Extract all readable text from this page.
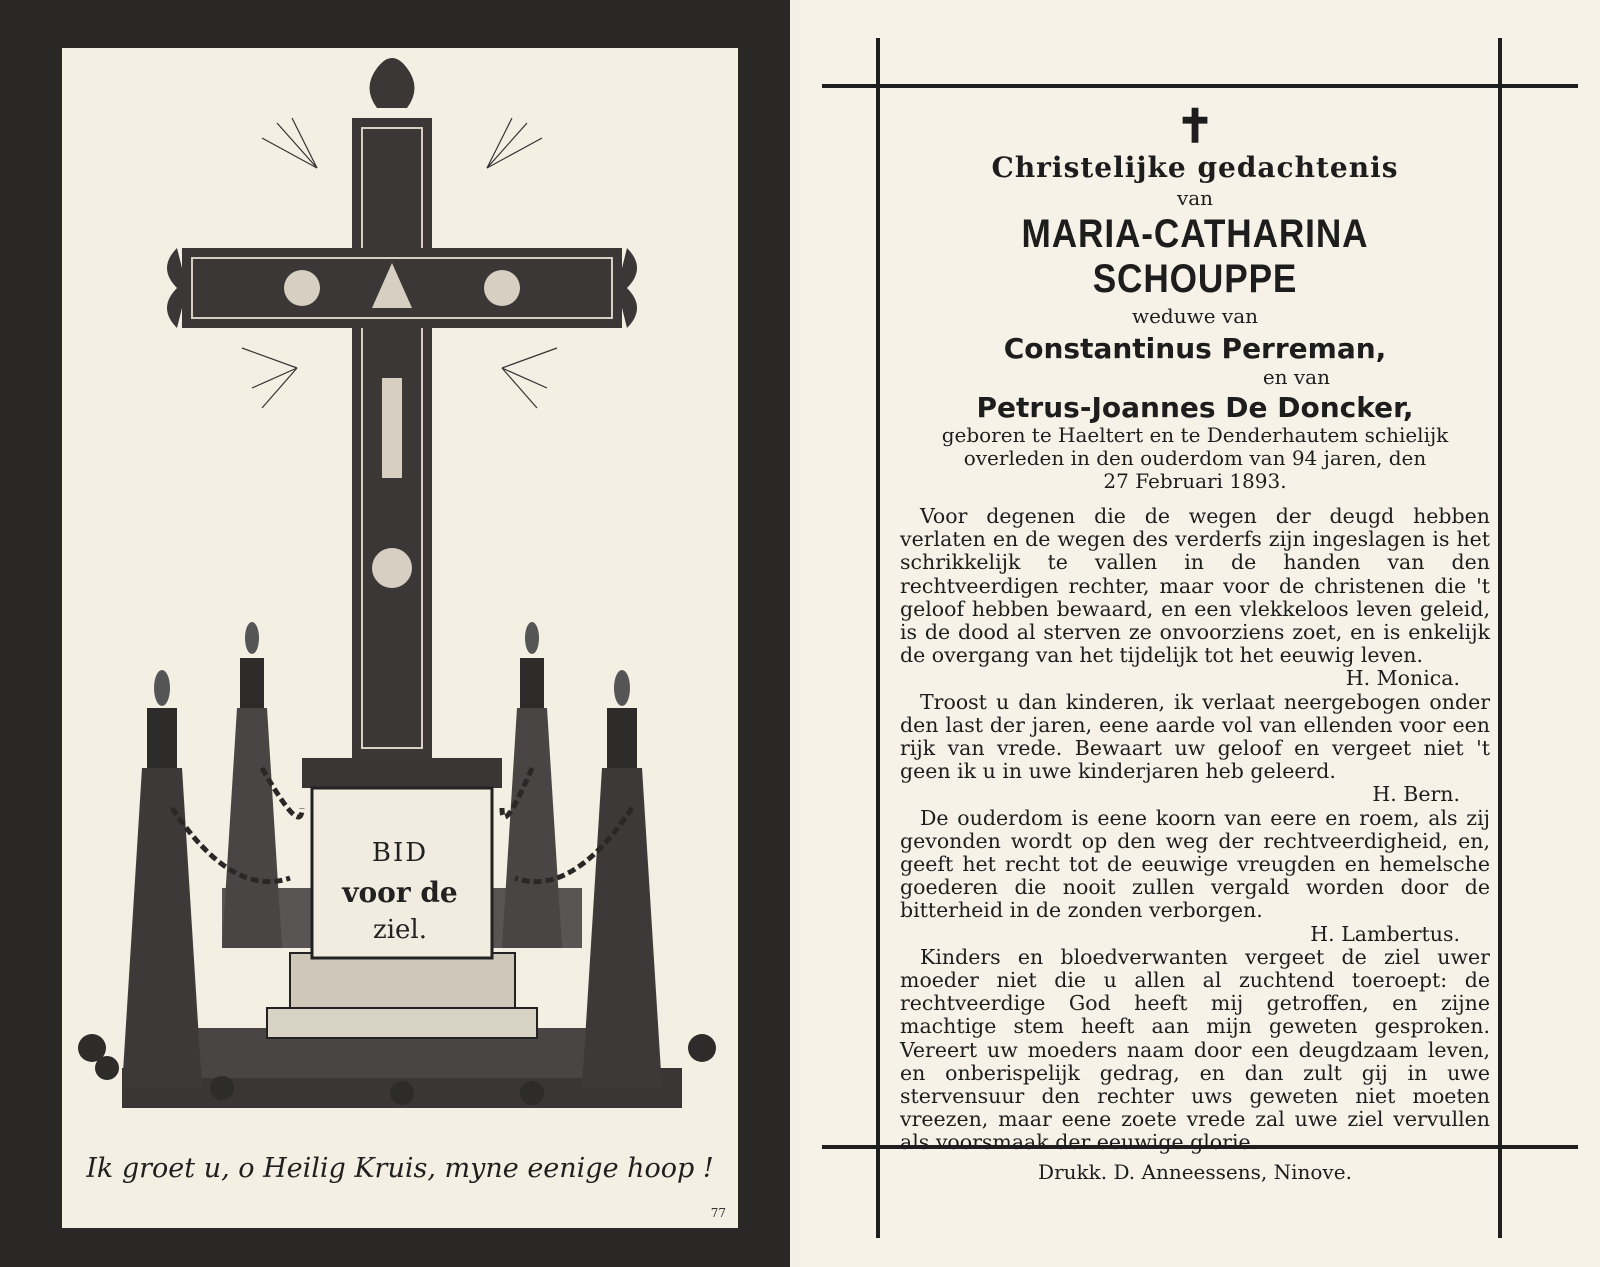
BID
voor de
ziel.
Ik groet u, o Heilig Kruis, myne eenige hoop !
77
✝
Christelijke gedachtenis
van
MARIA-CATHARINA SCHOUPPE
weduwe van
Constantinus Perreman,
en van
Petrus-Joannes De Doncker,
geboren te Haeltert en te Denderhautem schielijk
overleden in den ouderdom van 94 jaren, den
27 Februari 1893.

Voor degenen die de wegen der deugd hebben verlaten en de wegen des verderfs zijn ingeslagen is het schrikkelijk te vallen in de handen van den rechtveerdigen rechter, maar voor de christenen die 't geloof hebben bewaard, en een vlekkeloos leven geleid, is de dood al sterven ze onvoorziens zoet, en is enkelijk de overgang van het tijdelijk tot het eeuwig leven.
H. Monica.

Troost u dan kinderen, ik verlaat neergebogen onder den last der jaren, eene aarde vol van ellenden voor een rijk van vrede. Bewaart uw geloof en vergeet niet 't geen ik u in uwe kinderjaren heb geleerd.
H. Bern.

De ouderdom is eene koorn van eere en roem, als zij gevonden wordt op den weg der rechtveerdigheid, en, geeft het recht tot de eeuwige vreugden en hemelsche goederen die nooit zullen vergald worden door de bitterheid in de zonden verborgen.
H. Lambertus.

Kinders en bloedverwanten vergeet de ziel uwer moeder niet die u allen al zuchtend toeroept: de rechtveerdige God heeft mij getroffen, en zijne machtige stem heeft aan mijn geweten gesproken. Vereert uw moeders naam door een deugdzaam leven, en onberispelijk gedrag, en dan zult gij in uwe stervensuur den rechter uws geweten niet moeten vreezen, maar eene zoete vrede zal uwe ziel vervullen als voorsmaak der eeuwige glorie.

Drukk. D. Anneessens, Ninove.
